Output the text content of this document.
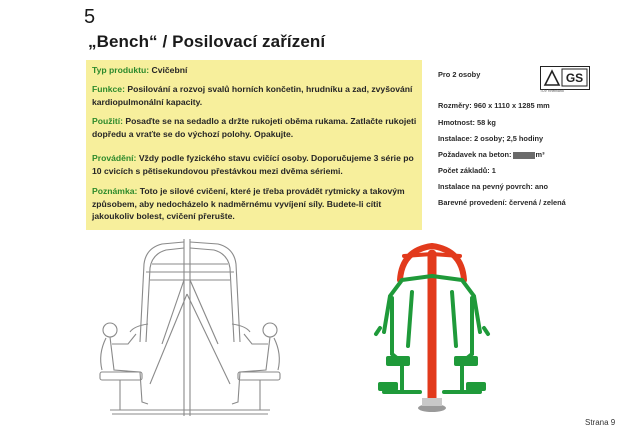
5
„Bench“ / Posilovací zařízení
Typ produktu: Cvičební
Funkce: Posilování a rozvoj svalů horních končetin, hrudníku a zad, zvyšování kardiopulmonální kapacity.
Použití: Posaďte se na sedadlo a držte rukojeti oběma rukama. Zatlačte rukojeti dopředu a vraťte se do výchozí polohy. Opakujte.
Provádění: Vždy podle fyzického stavu cvičící osoby. Doporučujeme 3 série po 10 cvicích s pětisekundovou přestávkou mezi dvěma sériemi.
Poznámka: Toto je silové cvičení, které je třeba provádět rytmicky a takovým způsobem, aby nedocházelo k nadměrnému vyvíjení síly. Budete-li cítit jakoukoliv bolest, cvičení přerušte.
Pro 2 osoby	GS
TÜV Rheinland
Rozměry: 960 x 1110 x 1285 mm
Hmotnost: 58 kg
Instalace: 2 osoby; 2,5 hodiny
Požadavek na beton:	m³
Počet základů: 1
Instalace na pevný povrch: ano
Barevné provedení: červená / zelená
Strana 9
